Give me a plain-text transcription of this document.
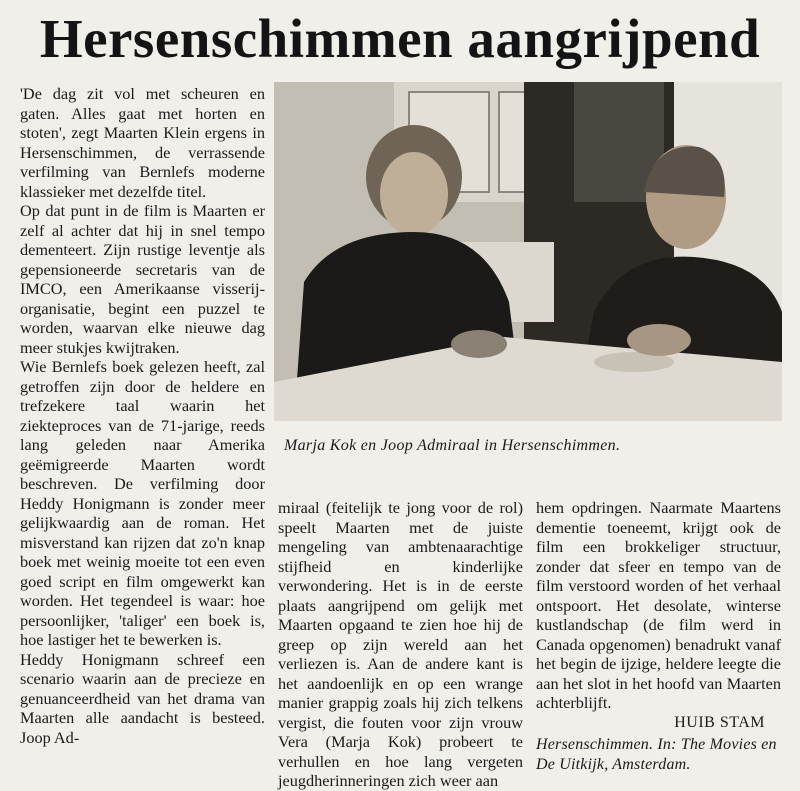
Hersenschimmen aangrijpend

'De dag zit vol met scheuren en gaten. Alles gaat met horten en stoten', zegt Maarten Klein ergens in Hersenschimmen, de verrassende verfilming van Bernlefs moderne klassieker met dezelfde titel.

Op dat punt in de film is Maarten er zelf al achter dat hij in snel tempo dementeert. Zijn rustige leventje als gepensioneerde secretaris van de IMCO, een Amerikaanse visserij-organisatie, begint een puzzel te worden, waarvan elke nieuwe dag meer stukjes kwijtraken.

Wie Bernlefs boek gelezen heeft, zal getroffen zijn door de heldere en trefzekere taal waarin het ziekteproces van de 71-jarige, reeds lang geleden naar Amerika geëmigreerde Maarten wordt beschreven. De verfilming door Heddy Honigmann is zonder meer gelijkwaardig aan de roman. Het misverstand kan rijzen dat zo'n knap boek met weinig moeite tot een even goed script en film omgewerkt kan worden. Het tegendeel is waar: hoe persoonlijker, 'taliger' een boek is, hoe lastiger het te bewerken is.

Heddy Honigmann schreef een scenario waarin aan de precieze en genuanceerdheid van het drama van Maarten alle aandacht is besteed. Joop Ad-

Marja Kok en Joop Admiraal in Hersenschimmen.

miraal (feitelijk te jong voor de rol) speelt Maarten met de juiste mengeling van ambtenaarachtige stijfheid en kinderlijke verwondering. Het is in de eerste plaats aangrijpend om gelijk met Maarten opgaand te zien hoe hij de greep op zijn wereld aan het verliezen is. Aan de andere kant is het aandoenlijk en op een wrange manier grappig zoals hij zich telkens vergist, die fouten voor zijn vrouw Vera (Marja Kok) probeert te verhullen en hoe lang vergeten jeugdherinneringen zich weer aan

hem opdringen. Naarmate Maartens dementie toeneemt, krijgt ook de film een brokkeliger structuur, zonder dat sfeer en tempo van de film verstoord worden of het verhaal ontspoort. Het desolate, winterse kustlandschap (de film werd in Canada opgenomen) benadrukt vanaf het begin de ijzige, heldere leegte die aan het slot in het hoofd van Maarten achterblijft.

HUIB STAM
Hersenschimmen. In: The Movies en De Uitkijk, Amsterdam.
